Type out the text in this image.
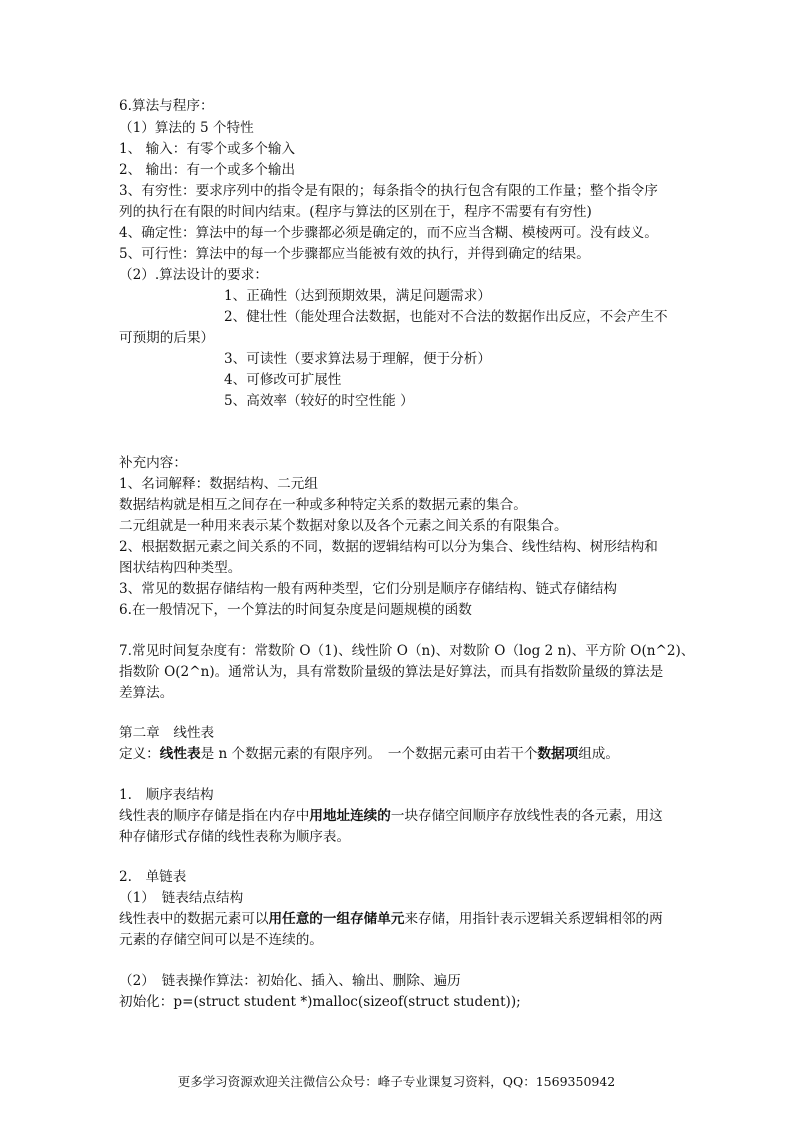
6.算法与程序：
（1）算法的 5 个特性
1、 输入：有零个或多个输入
2、 输出：有一个或多个输出
3、有穷性：要求序列中的指令是有限的；每条指令的执行包含有限的工作量；整个指令序
列的执行在有限的时间内结束。(程序与算法的区别在于，程序不需要有有穷性)
4、确定性：算法中的每一个步骤都必须是确定的，而不应当含糊、模棱两可。没有歧义。
5、可行性：算法中的每一个步骤都应当能被有效的执行，并得到确定的结果。
（2）.算法设计的要求：
1、正确性（达到预期效果，满足问题需求）
2、健壮性（能处理合法数据，也能对不合法的数据作出反应，不会产生不
可预期的后果）
3、可读性（要求算法易于理解，便于分析）
4、可修改可扩展性
5、高效率（较好的时空性能 ）
补充内容：
1、名词解释：数据结构、二元组
数据结构就是相互之间存在一种或多种特定关系的数据元素的集合。
二元组就是一种用来表示某个数据对象以及各个元素之间关系的有限集合。
2、根据数据元素之间关系的不同，数据的逻辑结构可以分为集合、线性结构、树形结构和
图状结构四种类型。
3、常见的数据存储结构一般有两种类型，它们分别是顺序存储结构、链式存储结构
6.在一般情况下，一个算法的时间复杂度是问题规模的函数
7.常见时间复杂度有：常数阶 O（1)、线性阶 O（n)、对数阶 O（log 2 n)、平方阶 O(n^2)、
指数阶 O(2^n)。通常认为，具有常数阶量级的算法是好算法，而具有指数阶量级的算法是
差算法。
第二章　线性表
定义：线性表是 n 个数据元素的有限序列。　一个数据元素可由若干个数据项组成。
1.　顺序表结构
线性表的顺序存储是指在内存中用地址连续的一块存储空间顺序存放线性表的各元素，用这
种存储形式存储的线性表称为顺序表。
2.　单链表
（1）　链表结点结构
线性表中的数据元素可以用任意的一组存储单元来存储，用指针表示逻辑关系逻辑相邻的两
元素的存储空间可以是不连续的。
（2）　链表操作算法：初始化、插入、输出、删除、遍历
初始化：p=(struct student *)malloc(sizeof(struct student));
更多学习资源欢迎关注微信公众号：峰子专业课复习资料，QQ：1569350942
